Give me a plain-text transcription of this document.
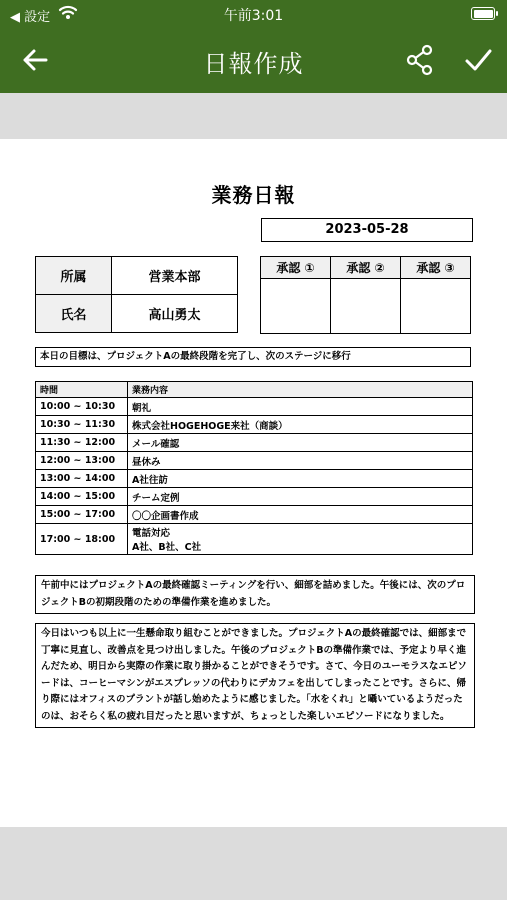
◀ 設定	午前3:01
日報作成
業務日報
2023-05-28
所属	営業本部
氏名	高山勇太
承認 ①	承認 ②	承認 ③

本日の目標は、プロジェクトAの最終段階を完了し、次のステージに移行
時間	業務内容
10:00 ~ 10:30	朝礼
10:30 ~ 11:30	株式会社HOGEHOGE来社（商談）
11:30 ~ 12:00	メール確認
12:00 ~ 13:00	昼休み
13:00 ~ 14:00	A社往訪
14:00 ~ 15:00	チーム定例
15:00 ~ 17:00	〇〇企画書作成
17:00 ~ 18:00	電話対応
A社、B社、C社
午前中にはプロジェクトAの最終確認ミーティングを行い、細部を詰めました。午後には、次のプロジェクトBの初期段階のための準備作業を進めました。
今日はいつも以上に一生懸命取り組むことができました。プロジェクトAの最終確認では、細部まで丁寧に見直し、改善点を見つけ出しました。午後のプロジェクトBの準備作業では、予定より早く進んだため、明日から実際の作業に取り掛かることができそうです。さて、今日のユーモラスなエピソードは、コーヒーマシンがエスプレッソの代わりにデカフェを出してしまったことです。さらに、帰り際にはオフィスのプラントが話し始めたように感じました。「水をくれ」と囁いているようだったのは、おそらく私の疲れ目だったと思いますが、ちょっとした楽しいエピソードになりました。
